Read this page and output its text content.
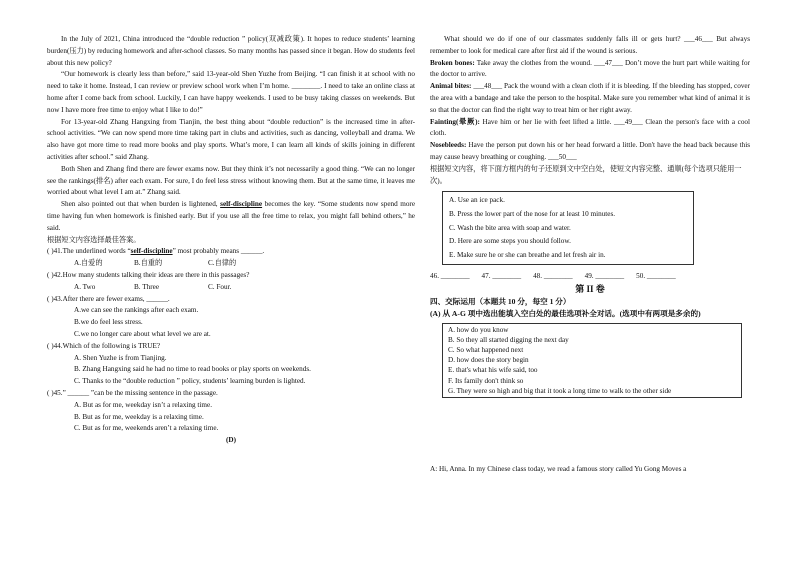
In the July of 2021, China introduced the “double reduction ” policy(双减政策). It hopes to reduce students’ learning burden(压力) by reducing homework and after-school classes. So many months has passed since it began. How do students feel about this new policy?

“Our homework is clearly less than before,” said 13-year-old Shen Yuzhe from Beijing. “I can finish it at school with no need to take it home. Instead, I can review or preview school work when I’m home. ________. I need to take an online class at home after I come back from school. Luckily, I can have happy weekends. I used to be busy taking classes on weekends. But now I have more free time to enjoy what I like to do!”

For 13-year-old Zhang Hangxing from Tianjin, the best thing about “double reduction” is the increased time in after-school activities. “We can now spend more time taking part in clubs and activities, such as dancing, volleyball and drama. We also have got more time to read more books and play sports. What’s more, I can learn all kinds of skills joining in different activities after school.” said Zhang.

Both Shen and Zhang find there are fewer exams now. But they think it’s not necessarily a good thing. “We can no longer see the rankings(排名) after each exam. For sure, I do feel less stress without knowing them. But at the same time, it leaves me worried about what level I am at.” Zhang said.

Shen also pointed out that when burden is lightened, self-discipline becomes the key. “Some students now spend more time having fun when homework is finished early. But if you use all the free time to relax, you might fall behind others,” he said.

根据短文内容选择最佳答案。

( )41.The underlined words “self-discipline” most probably means ______.

A.自爱的	B.自重的	C.自律的

( )42.How many students talking their ideas are there in this passages?

A. Two	B. Three	C. Four.

( )43.After there are fewer exams, ______.

A.we can see the rankings after each exam.

B.we do feel less stress.

C.we no longer care about what level we are at.

( )44.Which of the following is TRUE?

A. Shen Yuzhe is from Tianjing.

B. Zhang Hangxing said he had no time to read books or play sports on weekends.

C. Thanks to the “double reduction ” policy, students’ learning burden is lighted.

( )45.” ______ ”can be the missing sentence in the passage.

A. But as for me, weekday isn’t a relaxing time.

B. But as for me, weekday is a relaxing time.

C. But as for me, weekends aren’t a relaxing time.

(D)

What should we do if one of our classmates suddenly falls ill or gets hurt? ___46___ But always remember to look for medical care after first aid if the wound is serious.

Broken bones: Take away the clothes from the wound. ___47___ Don’t move the hurt part while waiting for the doctor to arrive.

Animal bites: ___48___ Pack the wound with a clean cloth if it is bleeding. If the bleeding has stopped, cover the area with a bandage and take the person to the hospital. Make sure you remember what kind of animal it is so that the doctor can find the right way to treat him or her right away.

Fainting(晕厥): Have him or her lie with feet lifted a little. ___49___ Clean the person's face with a cool cloth.

Nosebleeds: Have the person put down his or her head forward a little. Don't have the head back because this may cause heavy breathing or coughing. ___50___

根据短文内容，将下面方框内的句子还原到文中空白处，使短文内容完整、通顺(每个选项只能用一次)。

A. Use an ice pack.

B. Press the lower part of the nose for at least 10 minutes.

C. Wash the bite area with soap and water.

D. Here are some steps you should follow.

E. Make sure he or she can breathe and let fresh air in.

46. ________ 47. ________ 48. ________ 49. ________ 50. ________

第 II 卷

四、交际运用（本题共 10 分，每空 1 分）

(A) 从 A-G 项中选出能填入空白处的最佳选项补全对话。(选项中有两项是多余的)

A. how do you know

B. So they all started digging the next day

C. So what happened next

D. how does the story begin

E. that's what his wife said, too

F. Its family don't think so

G. They were so high and big that it took a long time to walk to the other side

A: Hi, Anna. In my Chinese class today, we read a famous story called Yu Gong Moves a
